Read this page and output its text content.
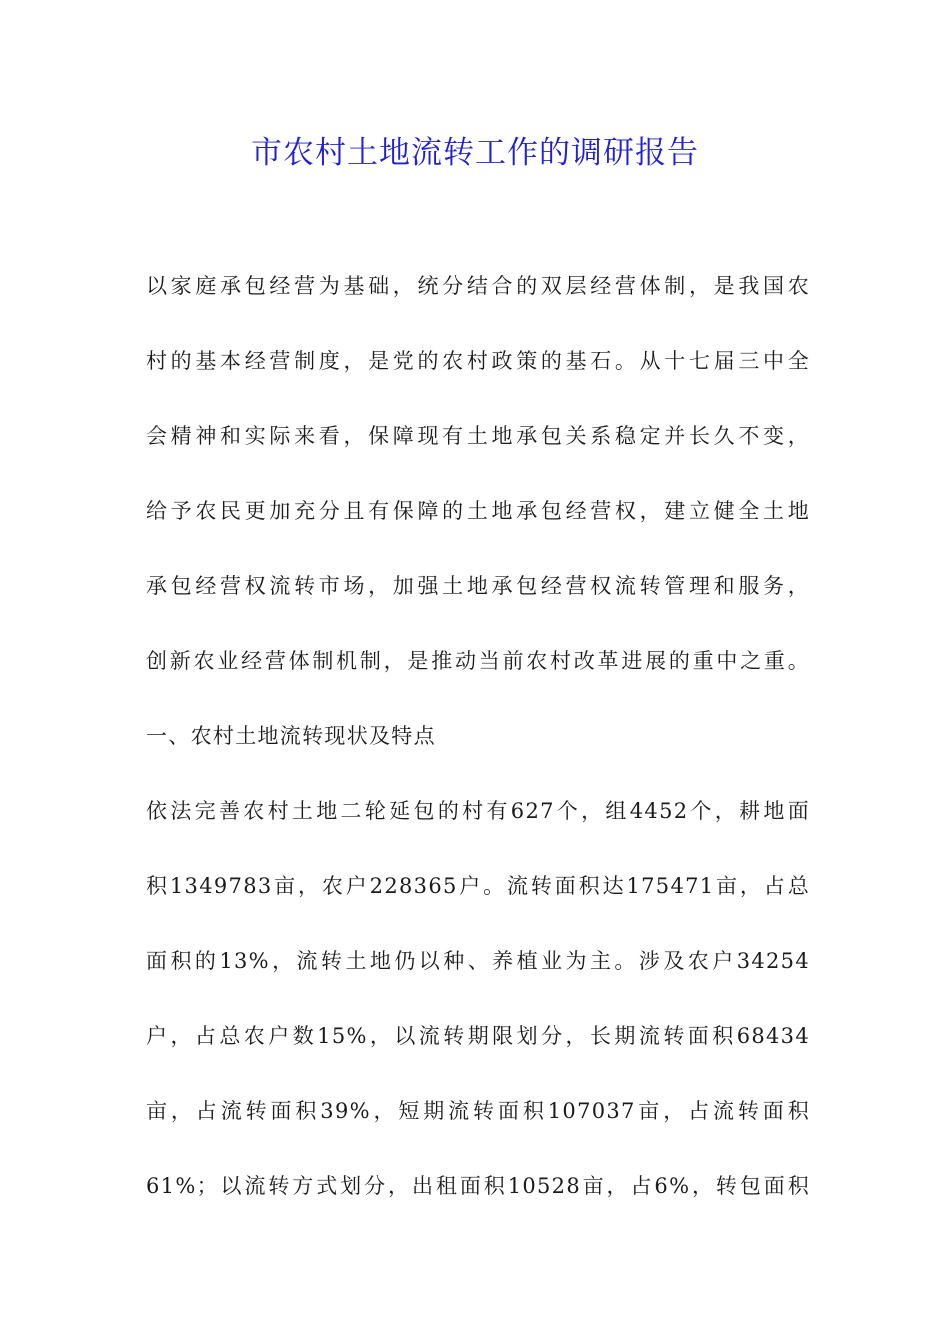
市农村土地流转工作的调研报告
以家庭承包经营为基础，统分结合的双层经营体制，是我国农
村的基本经营制度，是党的农村政策的基石。从十七届三中全
会精神和实际来看，保障现有土地承包关系稳定并长久不变，
给予农民更加充分且有保障的土地承包经营权，建立健全土地
承包经营权流转市场，加强土地承包经营权流转管理和服务，
创新农业经营体制机制，是推动当前农村改革进展的重中之重。
一、农村土地流转现状及特点
依法完善农村土地二轮延包的村有627个，组4452个，耕地面
积1349783亩，农户228365户。流转面积达175471亩，占总
面积的13%，流转土地仍以种、养植业为主。涉及农户34254
户，占总农户数15%，以流转期限划分，长期流转面积68434
亩，占流转面积39%，短期流转面积107037亩，占流转面积
61%；以流转方式划分，出租面积10528亩，占6%，转包面积
